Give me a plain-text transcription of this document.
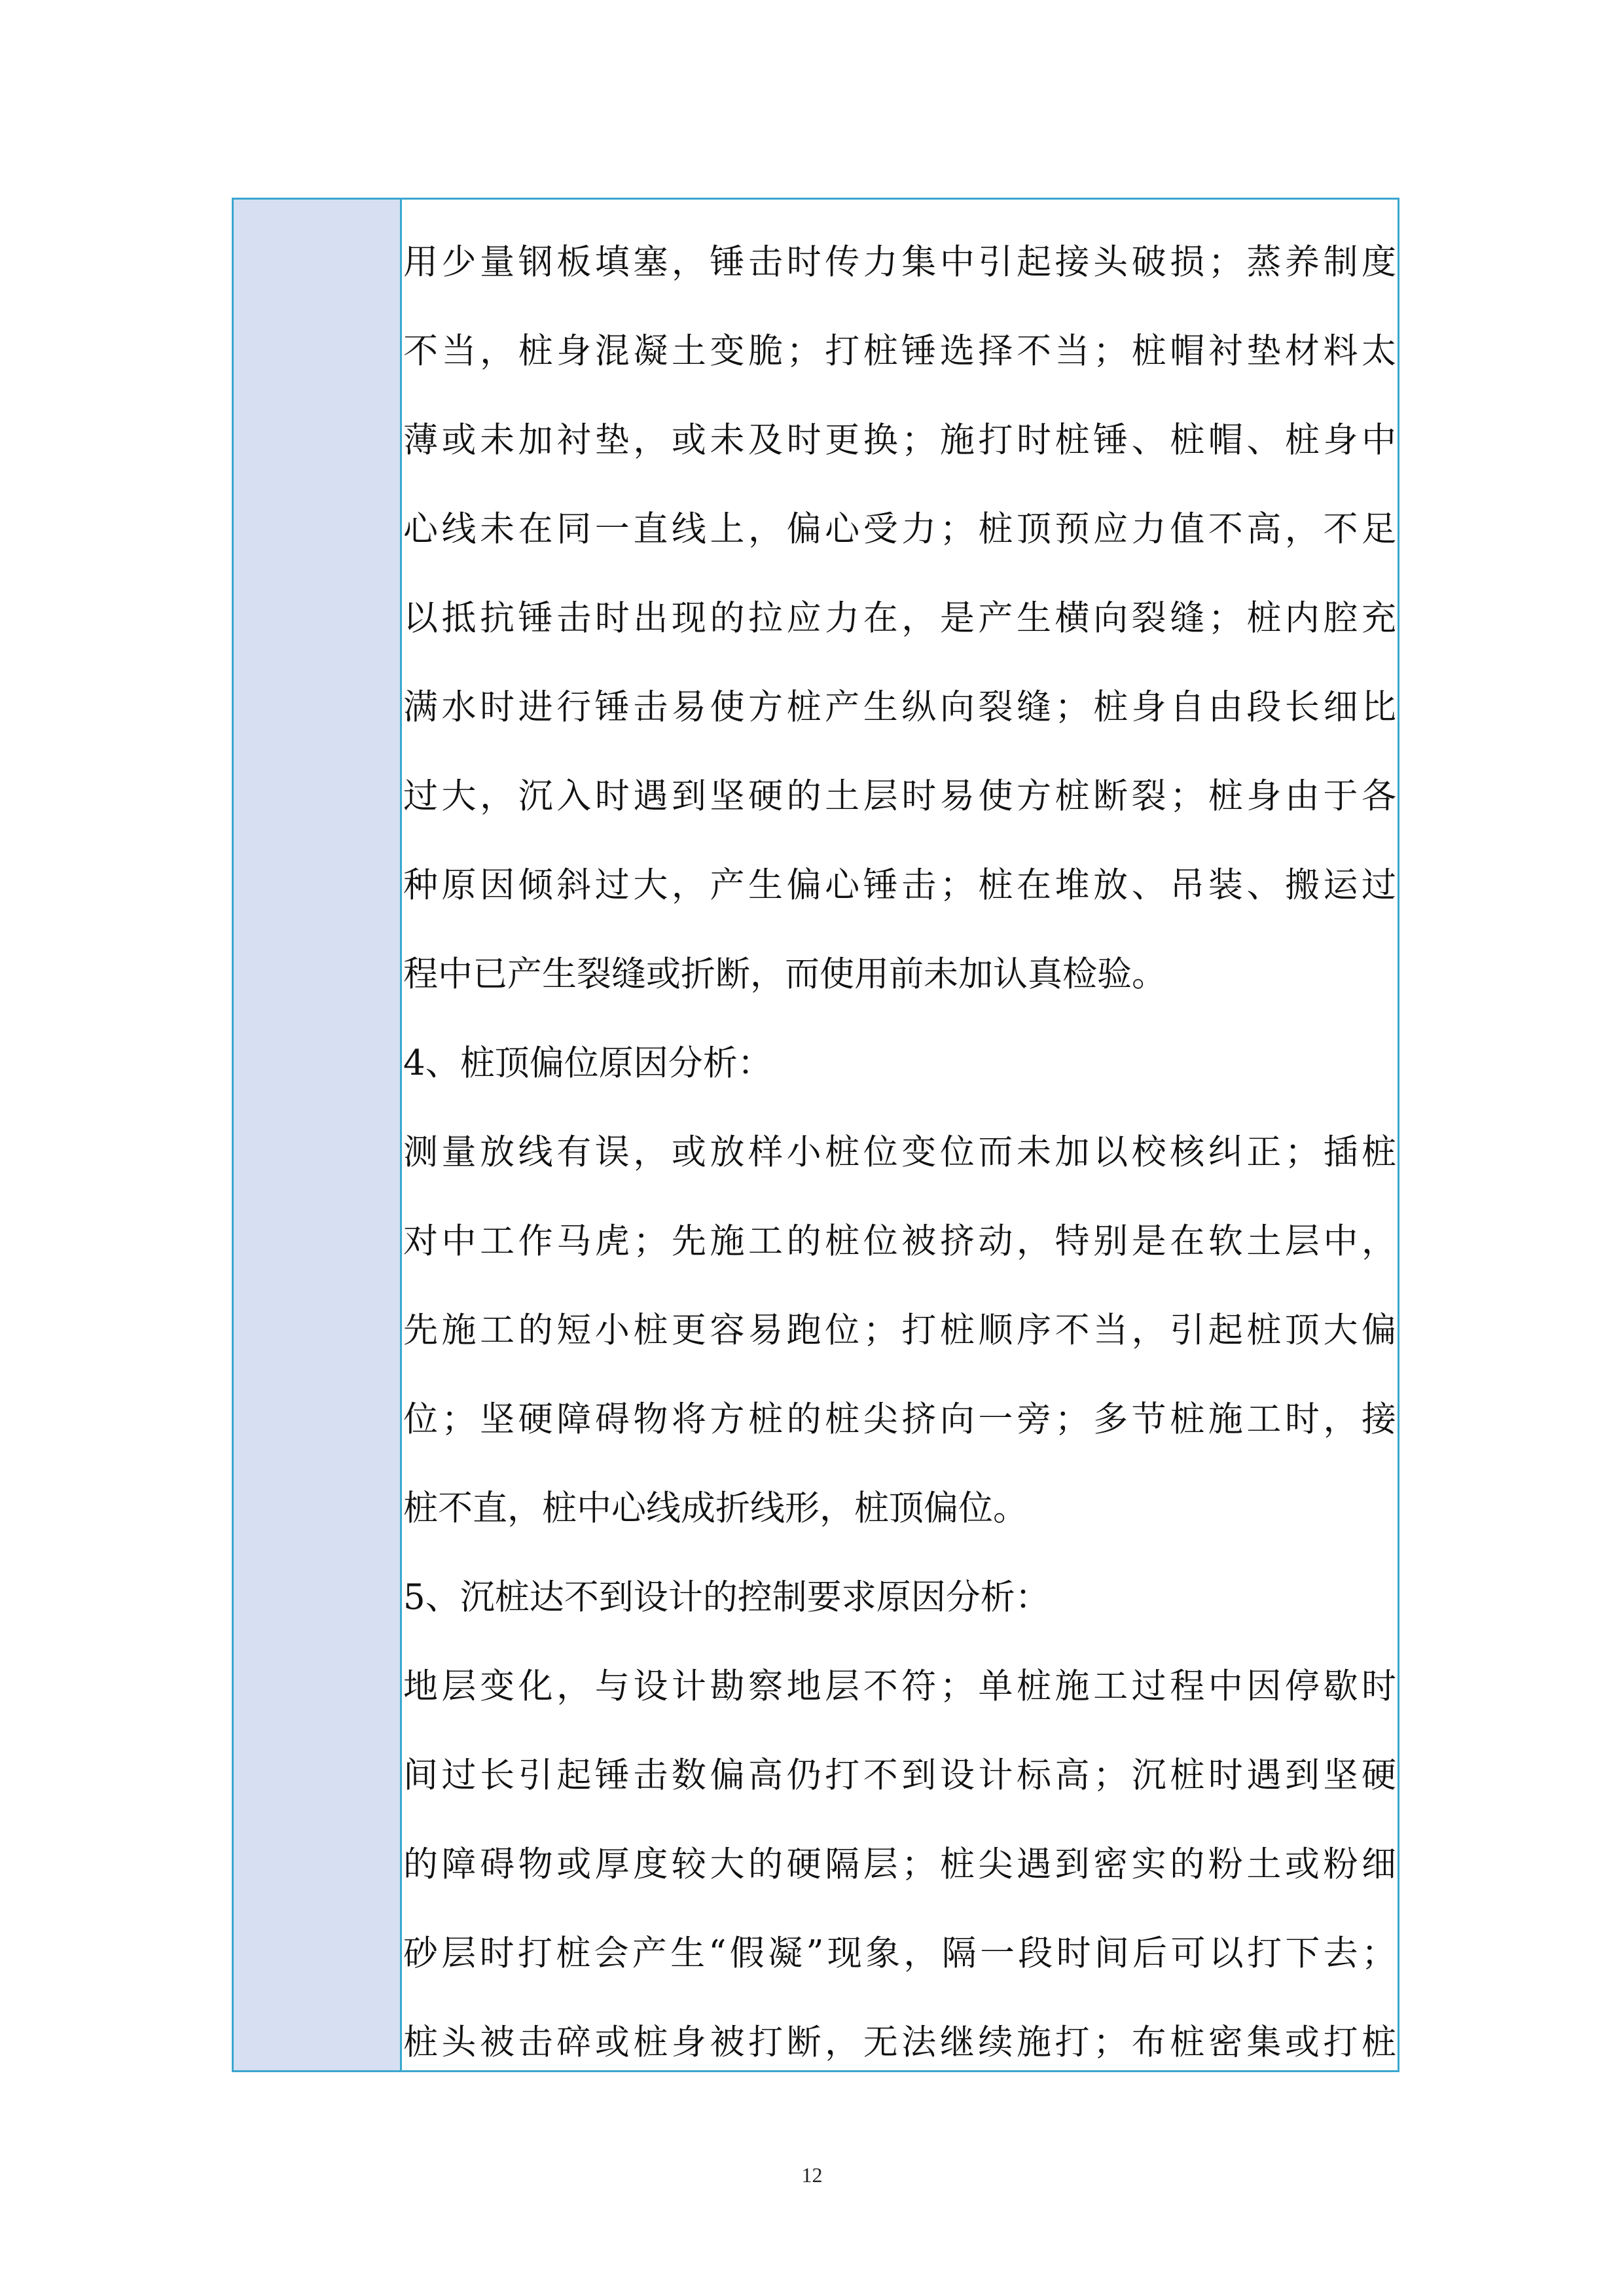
用少量钢板填塞，锤击时传力集中引起接头破损；蒸养制度
不当，桩身混凝土变脆；打桩锤选择不当；桩帽衬垫材料太
薄或未加衬垫，或未及时更换；施打时桩锤、桩帽、桩身中
心线未在同一直线上，偏心受力；桩顶预应力值不高，不足
以抵抗锤击时出现的拉应力在，是产生横向裂缝；桩内腔充
满水时进行锤击易使方桩产生纵向裂缝；桩身自由段长细比
过大，沉入时遇到坚硬的土层时易使方桩断裂；桩身由于各
种原因倾斜过大，产生偏心锤击；桩在堆放、吊装、搬运过
程中已产生裂缝或折断，而使用前未加认真检验。
4、桩顶偏位原因分析：
测量放线有误，或放样小桩位变位而未加以校核纠正；插桩
对中工作马虎；先施工的桩位被挤动，特别是在软土层中，
先施工的短小桩更容易跑位；打桩顺序不当，引起桩顶大偏
位；坚硬障碍物将方桩的桩尖挤向一旁；多节桩施工时，接
桩不直，桩中心线成折线形，桩顶偏位。
5、沉桩达不到设计的控制要求原因分析：
地层变化，与设计勘察地层不符；单桩施工过程中因停歇时
间过长引起锤击数偏高仍打不到设计标高；沉桩时遇到坚硬
的障碍物或厚度较大的硬隔层；桩尖遇到密实的粉土或粉细
砂层时打桩会产生“假凝”现象，隔一段时间后可以打下去；
桩头被击碎或桩身被打断，无法继续施打；布桩密集或打桩
12
